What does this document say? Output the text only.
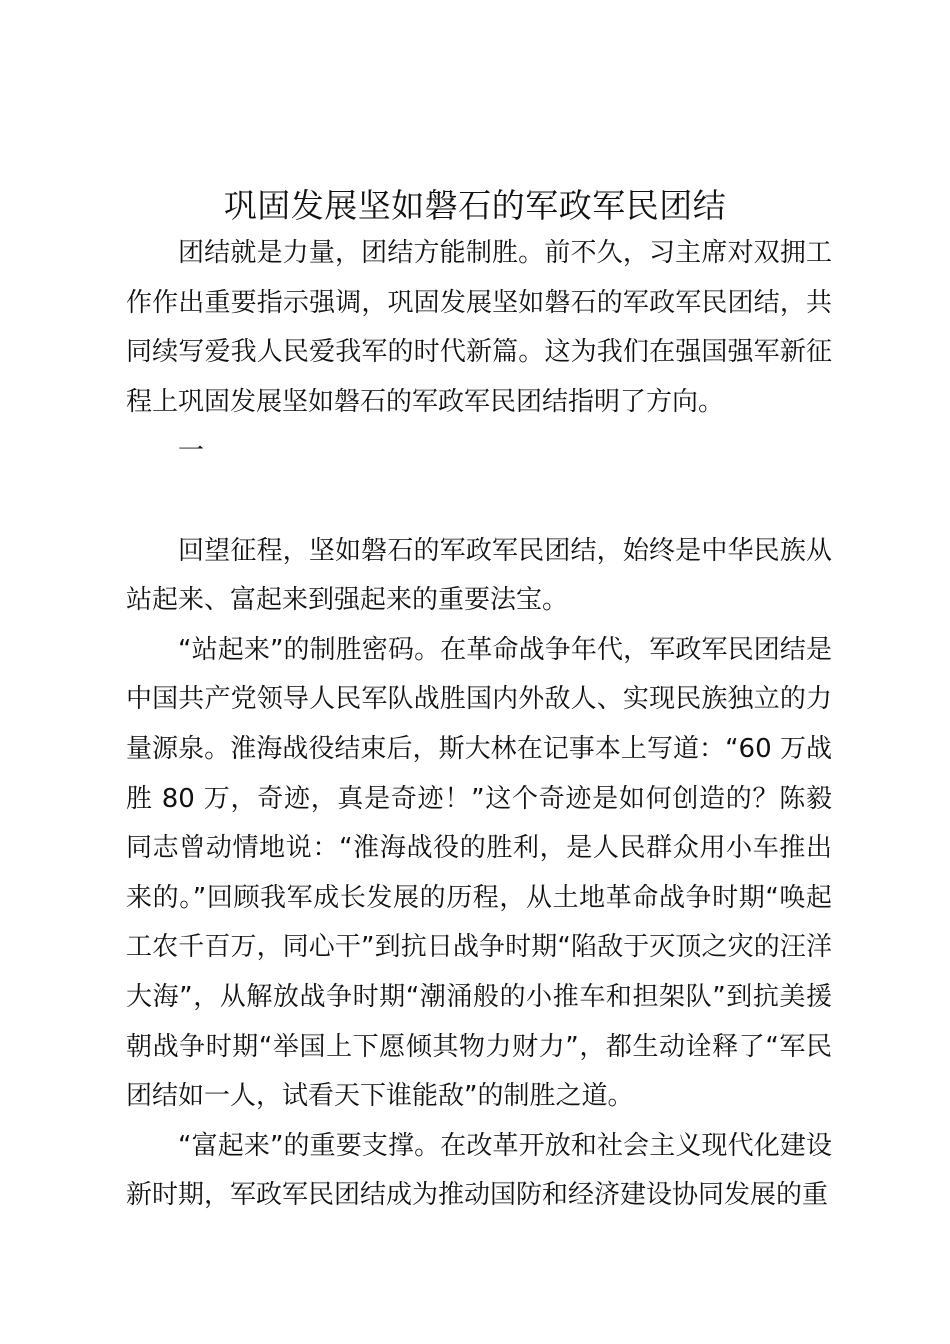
巩固发展坚如磐石的军政军民团结

团结就是力量，团结方能制胜。前不久，习主席对双拥工作作出重要指示强调，巩固发展坚如磐石的军政军民团结，共同续写爱我人民爱我军的时代新篇。这为我们在强国强军新征程上巩固发展坚如磐石的军政军民团结指明了方向。

一

回望征程，坚如磐石的军政军民团结，始终是中华民族从站起来、富起来到强起来的重要法宝。

“站起来”的制胜密码。在革命战争年代，军政军民团结是中国共产党领导人民军队战胜国内外敌人、实现民族独立的力量源泉。淮海战役结束后，斯大林在记事本上写道：“60 万战胜 80 万，奇迹，真是奇迹！”这个奇迹是如何创造的？陈毅同志曾动情地说：“淮海战役的胜利，是人民群众用小车推出来的。”回顾我军成长发展的历程，从土地革命战争时期“唤起工农千百万，同心干”到抗日战争时期“陷敌于灭顶之灾的汪洋大海”，从解放战争时期“潮涌般的小推车和担架队”到抗美援朝战争时期“举国上下愿倾其物力财力”，都生动诠释了“军民团结如一人，试看天下谁能敌”的制胜之道。

“富起来”的重要支撑。在改革开放和社会主义现代化建设新时期，军政军民团结成为推动国防和经济建设协同发展的重
